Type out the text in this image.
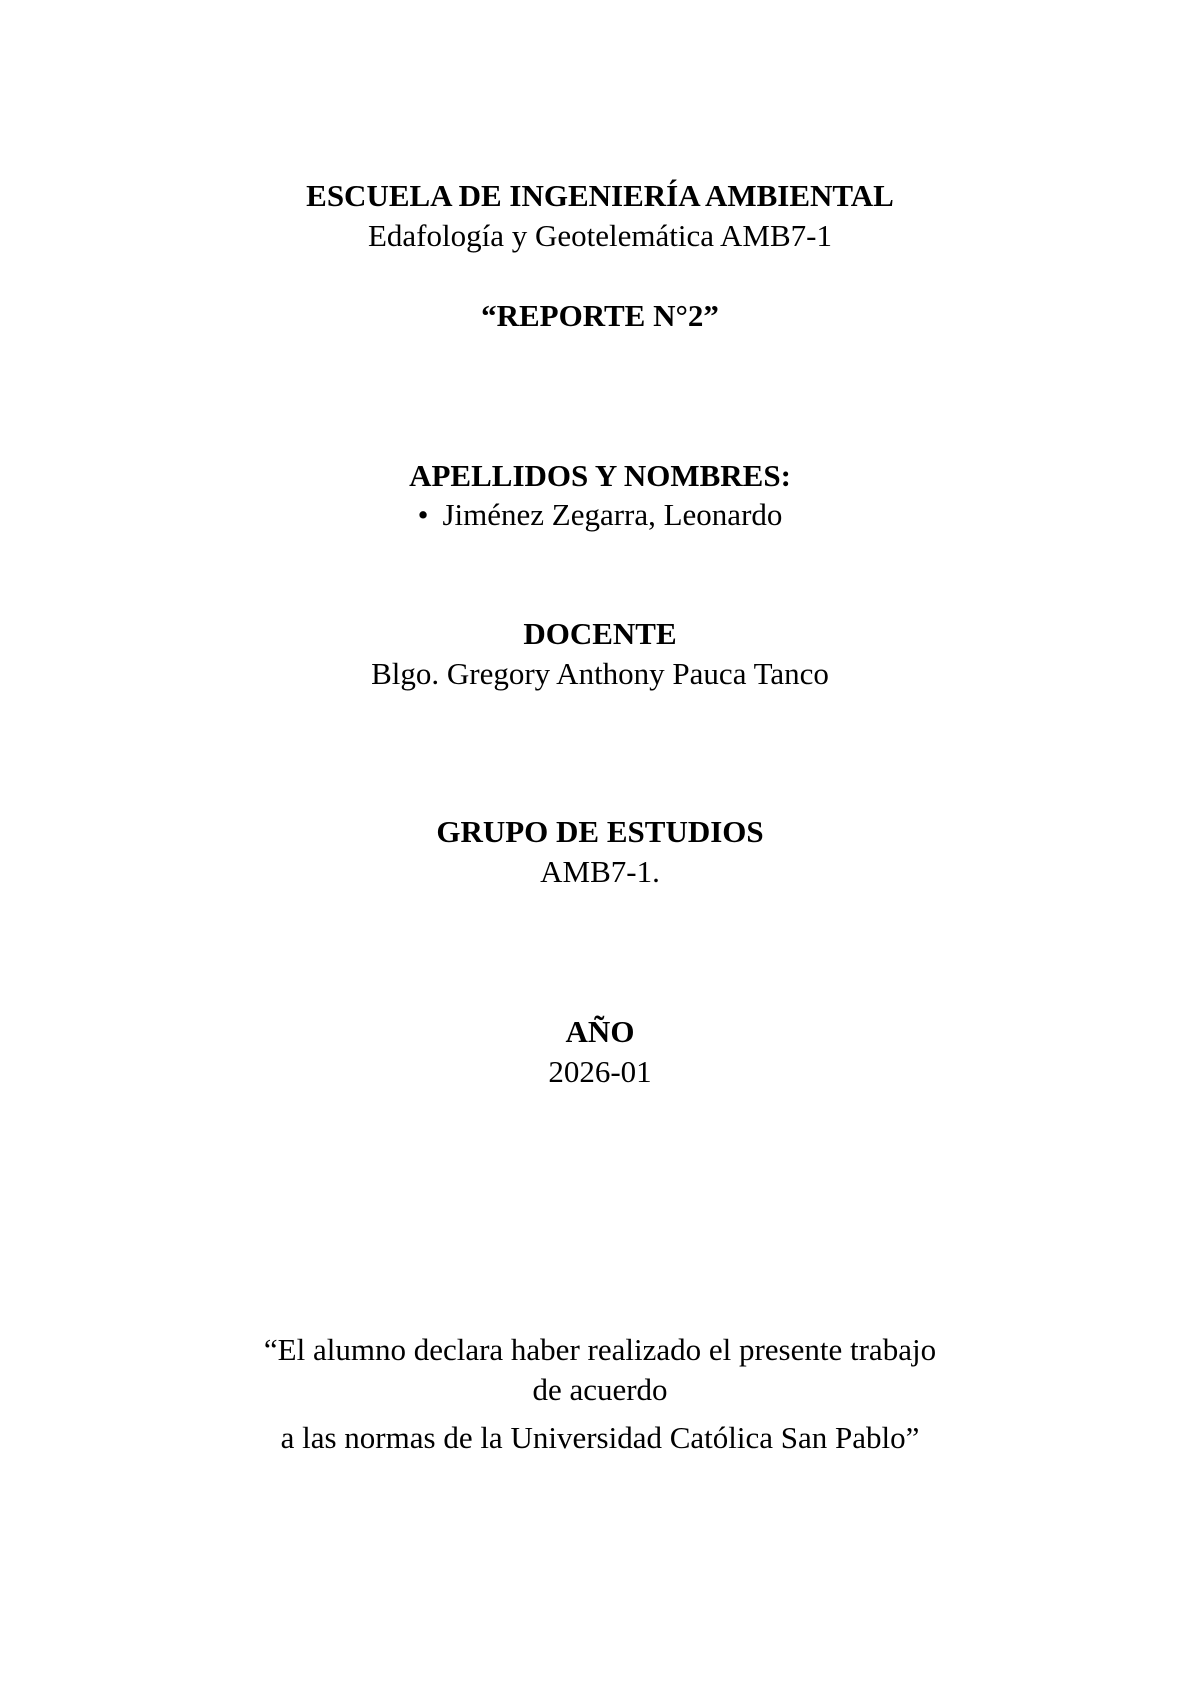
ESCUELA DE INGENIERÍA AMBIENTAL
Edafología y Geotelemática AMB7-1
“REPORTE N°2”
APELLIDOS Y NOMBRES:
• Jiménez Zegarra, Leonardo
DOCENTE
Blgo. Gregory Anthony Pauca Tanco
GRUPO DE ESTUDIOS
AMB7-1.
AÑO
2026-01
“El alumno declara haber realizado el presente trabajo
de acuerdo
a las normas de la Universidad Católica San Pablo”
